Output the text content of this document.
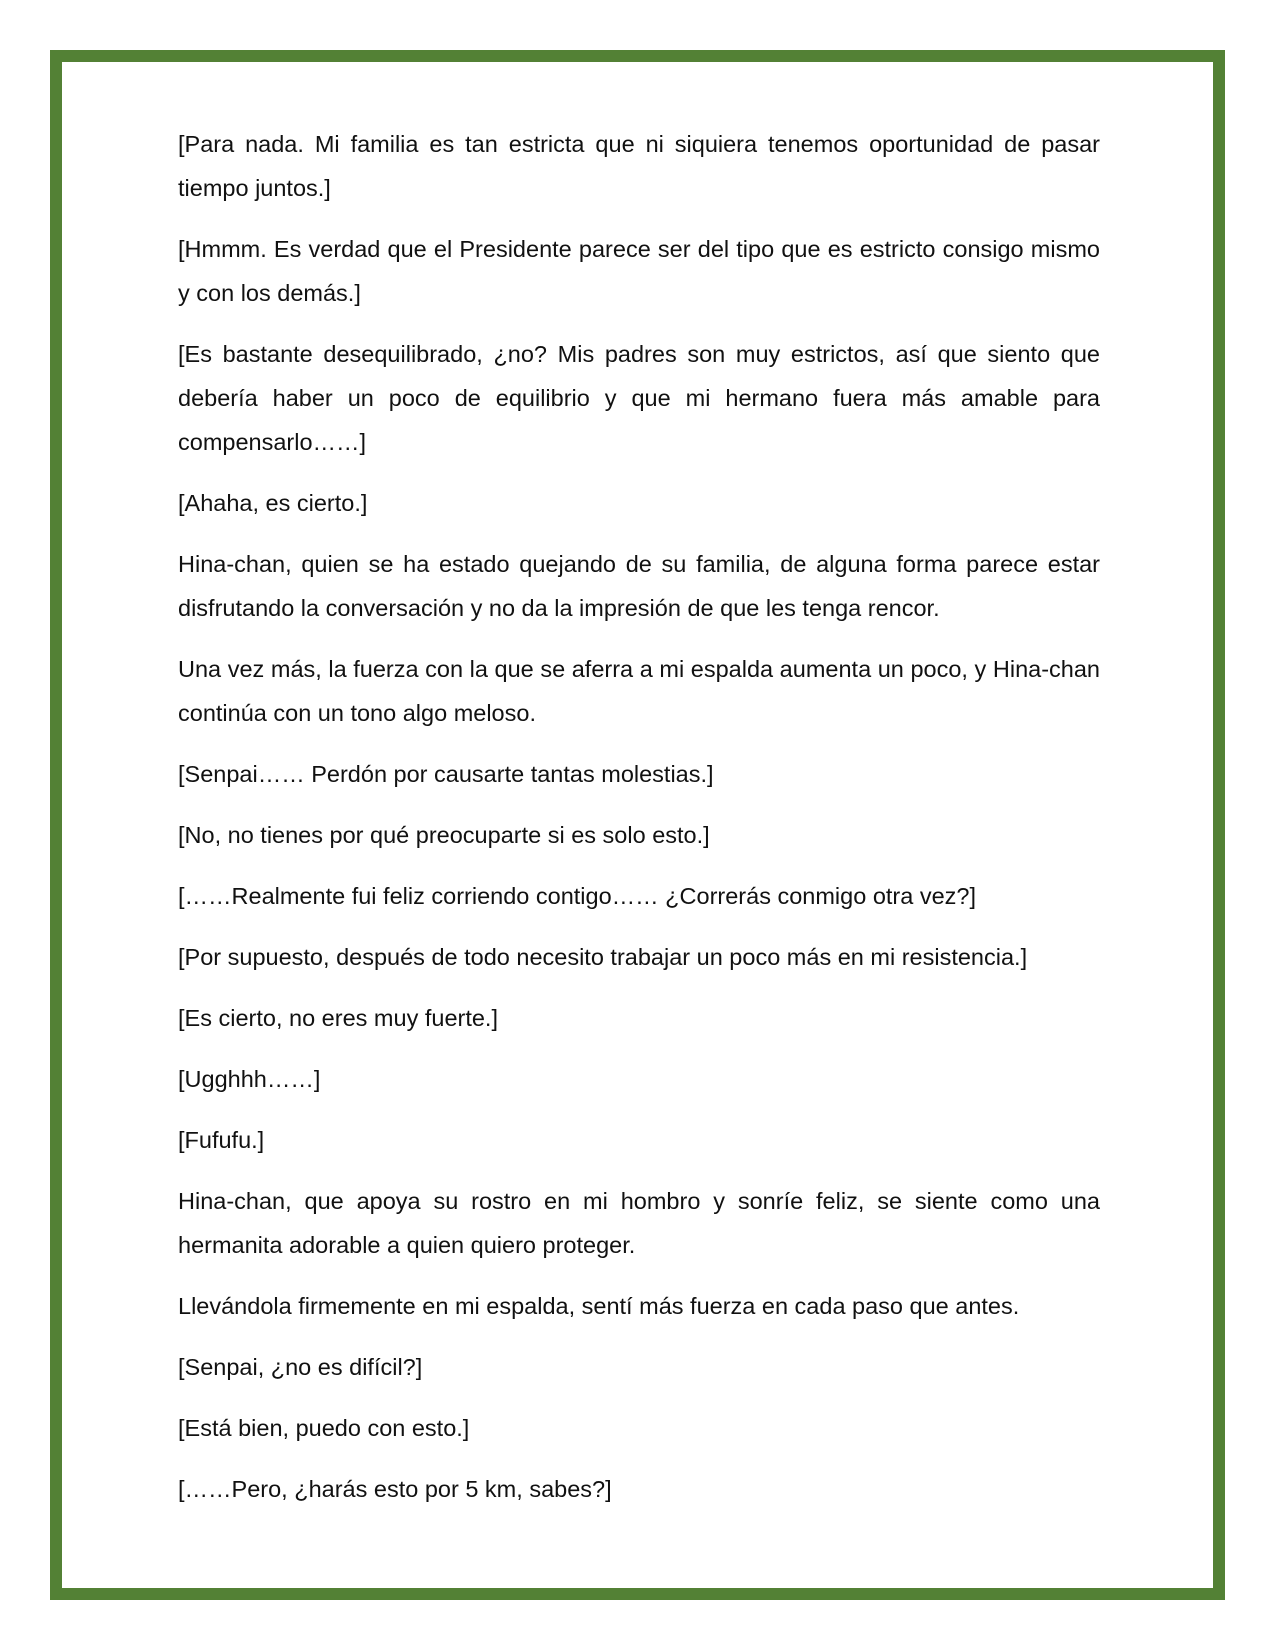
[Para nada. Mi familia es tan estricta que ni siquiera tenemos oportunidad de pasar tiempo juntos.]

[Hmmm. Es verdad que el Presidente parece ser del tipo que es estricto consigo mismo y con los demás.]

[Es bastante desequilibrado, ¿no? Mis padres son muy estrictos, así que siento que debería haber un poco de equilibrio y que mi hermano fuera más amable para compensarlo……]

[Ahaha, es cierto.]

Hina-chan, quien se ha estado quejando de su familia, de alguna forma parece estar disfrutando la conversación y no da la impresión de que les tenga rencor.

Una vez más, la fuerza con la que se aferra a mi espalda aumenta un poco, y Hina-chan continúa con un tono algo meloso.

[Senpai…… Perdón por causarte tantas molestias.]

[No, no tienes por qué preocuparte si es solo esto.]

[……Realmente fui feliz corriendo contigo…… ¿Correrás conmigo otra vez?]

[Por supuesto, después de todo necesito trabajar un poco más en mi resistencia.]

[Es cierto, no eres muy fuerte.]

[Ugghhh……]

[Fufufu.]

Hina-chan, que apoya su rostro en mi hombro y sonríe feliz, se siente como una hermanita adorable a quien quiero proteger.

Llevándola firmemente en mi espalda, sentí más fuerza en cada paso que antes.

[Senpai, ¿no es difícil?]

[Está bien, puedo con esto.]

[……Pero, ¿harás esto por 5 km, sabes?]
